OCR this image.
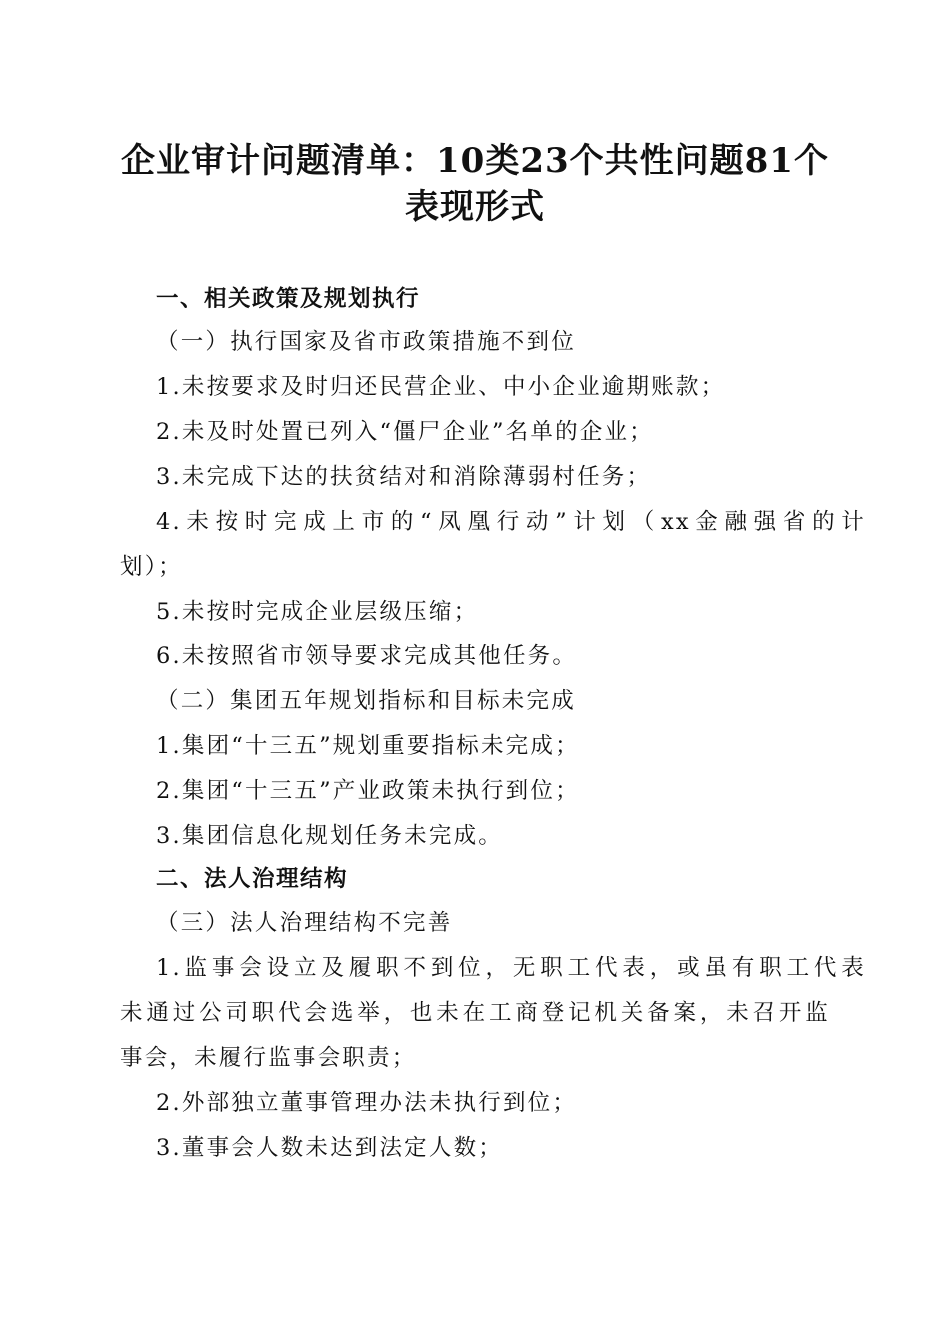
企业审计问题清单：10类23个共性问题81个
表现形式
一、相关政策及规划执行
（一）执行国家及省市政策措施不到位
1.未按要求及时归还民营企业、中小企业逾期账款；
2.未及时处置已列入“僵尸企业”名单的企业；
3.未完成下达的扶贫结对和消除薄弱村任务；
4.未按时完成上市的“凤凰行动”计划（xx金融强省的计
划）；
5.未按时完成企业层级压缩；
6.未按照省市领导要求完成其他任务。
（二）集团五年规划指标和目标未完成
1.集团“十三五”规划重要指标未完成；
2.集团“十三五”产业政策未执行到位；
3.集团信息化规划任务未完成。
二、法人治理结构
（三）法人治理结构不完善
1.监事会设立及履职不到位，无职工代表，或虽有职工代表
未通过公司职代会选举，也未在工商登记机关备案，未召开监
事会，未履行监事会职责；
2.外部独立董事管理办法未执行到位；
3.董事会人数未达到法定人数；
